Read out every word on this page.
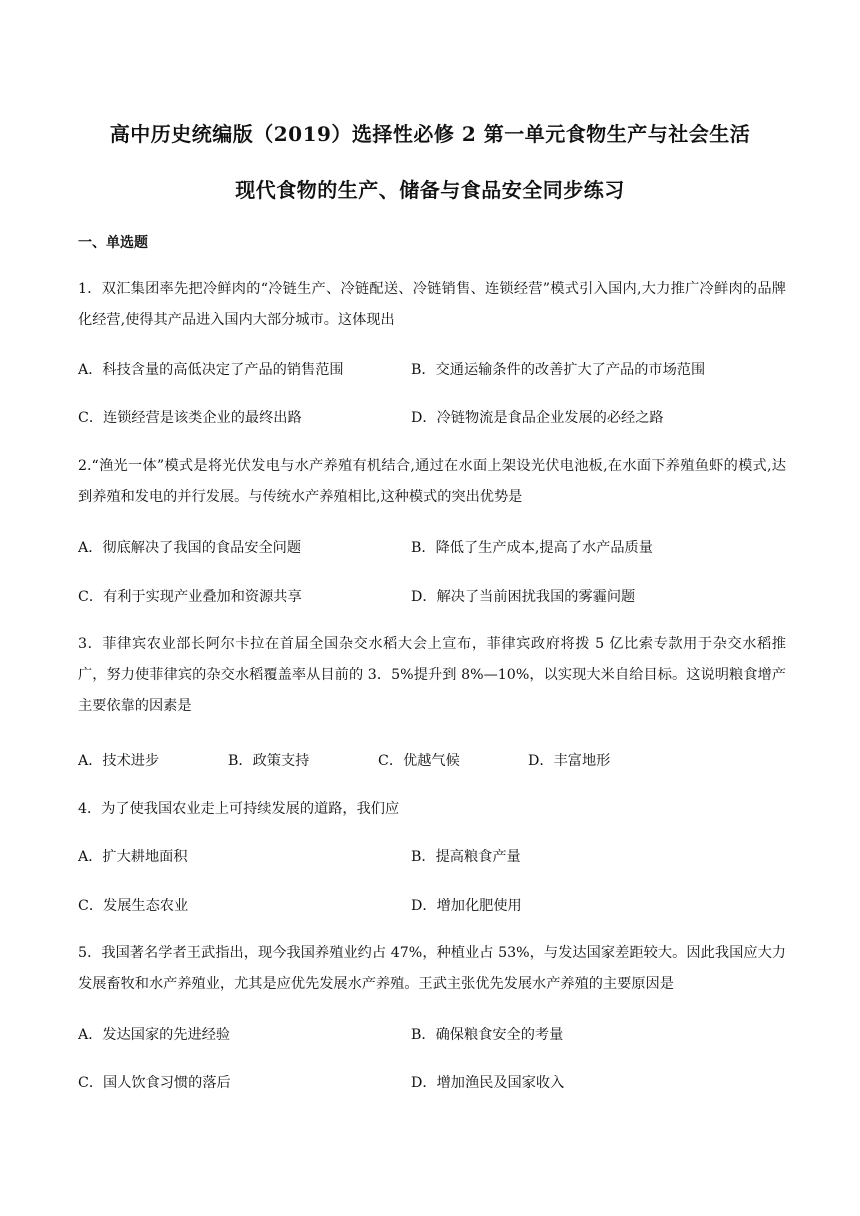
高中历史统编版（2019）选择性必修 2 第一单元食物生产与社会生活
现代食物的生产、储备与食品安全同步练习
一、单选题
1．双汇集团率先把冷鲜肉的“冷链生产、冷链配送、冷链销售、连锁经营”模式引入国内,大力推广冷鲜肉的品牌化经营,使得其产品进入国内大部分城市。这体现出
A．科技含量的高低决定了产品的销售范围	B．交通运输条件的改善扩大了产品的市场范围
C．连锁经营是该类企业的最终出路	D．冷链物流是食品企业发展的必经之路
2.“渔光一体”模式是将光伏发电与水产养殖有机结合,通过在水面上架设光伏电池板,在水面下养殖鱼虾的模式,达到养殖和发电的并行发展。与传统水产养殖相比,这种模式的突出优势是
A．彻底解决了我国的食品安全问题	B．降低了生产成本,提高了水产品质量
C．有利于实现产业叠加和资源共享	D．解决了当前困扰我国的雾霾问题
3．菲律宾农业部长阿尔卡拉在首届全国杂交水稻大会上宣布，菲律宾政府将拨 5 亿比索专款用于杂交水稻推广，努力使菲律宾的杂交水稻覆盖率从目前的 3．5%提升到 8%—10%，以实现大米自给目标。这说明粮食增产主要依靠的因素是
A．技术进步	B．政策支持	C．优越气候	D．丰富地形
4．为了使我国农业走上可持续发展的道路，我们应
A．扩大耕地面积	B．提高粮食产量
C．发展生态农业	D．增加化肥使用
5．我国著名学者王武指出，现今我国养殖业约占 47%，种植业占 53%，与发达国家差距较大。因此我国应大力发展畜牧和水产养殖业，尤其是应优先发展水产养殖。王武主张优先发展水产养殖的主要原因是
A．发达国家的先进经验	B．确保粮食安全的考量
C．国人饮食习惯的落后	D．增加渔民及国家收入
